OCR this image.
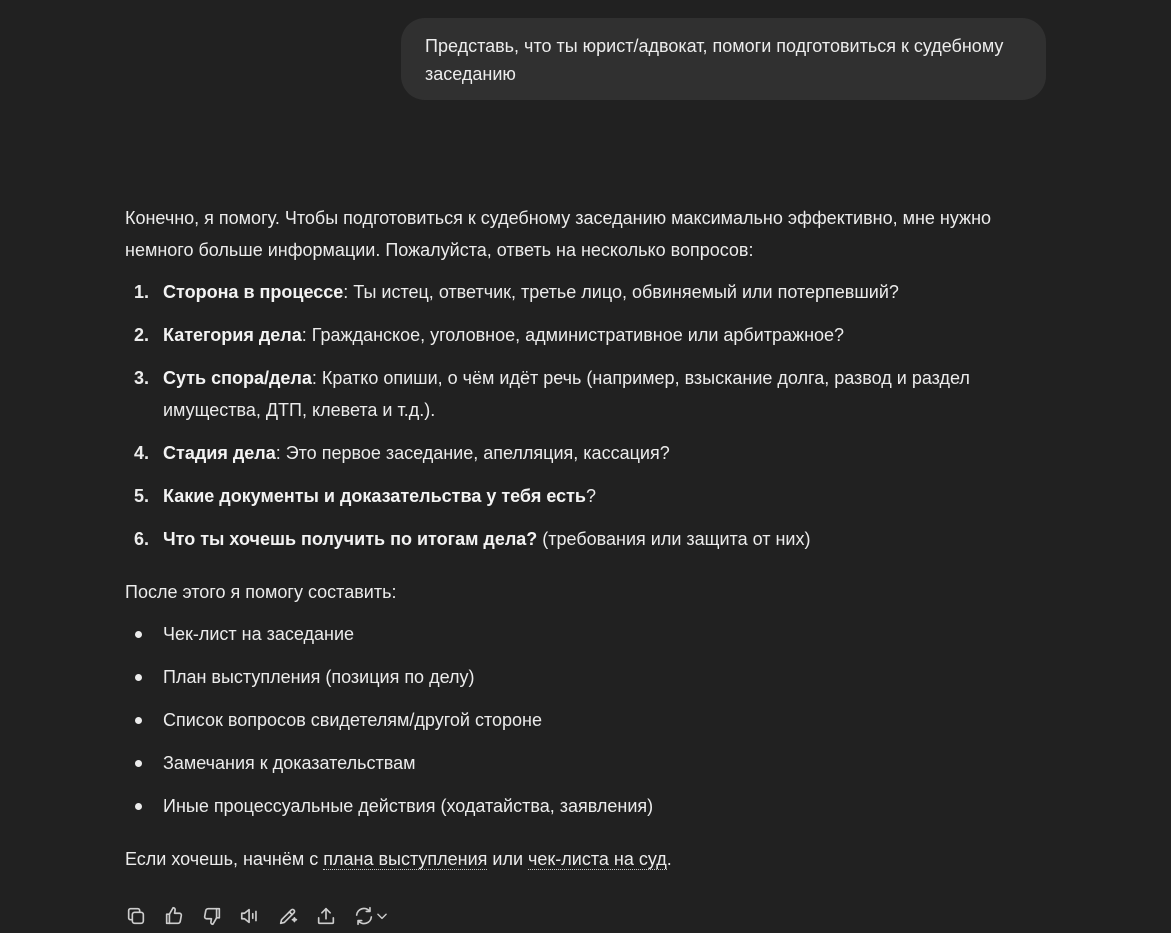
Представь, что ты юрист/адвокат, помоги подготовиться к судебному заседанию

Конечно, я помогу. Чтобы подготовиться к судебному заседанию максимально эффективно, мне нужно немного больше информации. Пожалуйста, ответь на несколько вопросов:

1. Сторона в процессе: Ты истец, ответчик, третье лицо, обвиняемый или потерпевший?
2. Категория дела: Гражданское, уголовное, административное или арбитражное?
3. Суть спора/дела: Кратко опиши, о чём идёт речь (например, взыскание долга, развод и раздел имущества, ДТП, клевета и т.д.).
4. Стадия дела: Это первое заседание, апелляция, кассация?
5. Какие документы и доказательства у тебя есть?
6. Что ты хочешь получить по итогам дела? (требования или защита от них)

После этого я помогу составить:

Чек-лист на заседание
План выступления (позиция по делу)
Список вопросов свидетелям/другой стороне
Замечания к доказательствам
Иные процессуальные действия (ходатайства, заявления)

Если хочешь, начнём с плана выступления или чек-листа на суд.
